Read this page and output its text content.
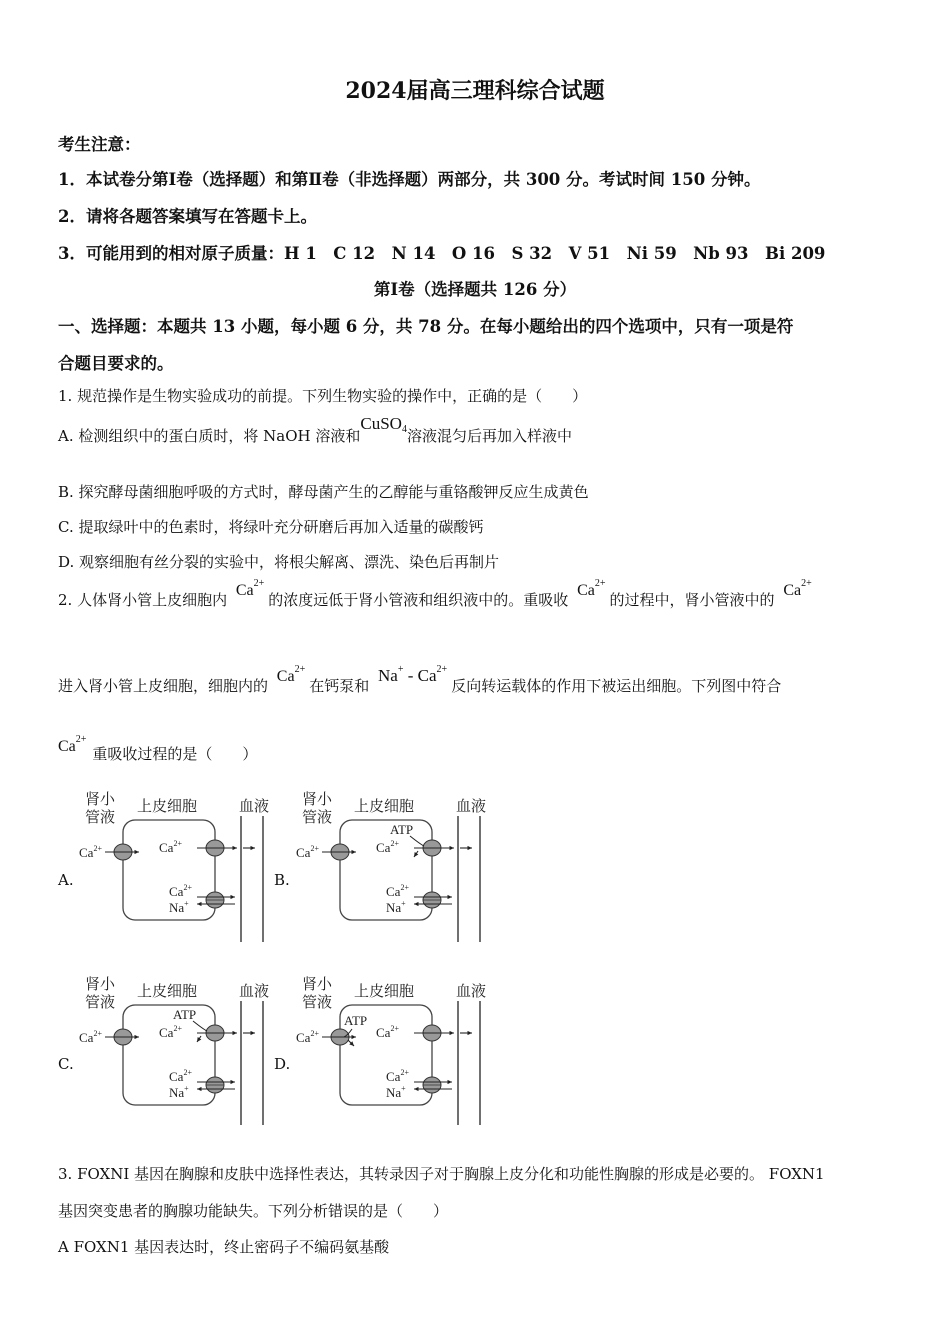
2024届高三理科综合试题
考生注意：
1．本试卷分第Ⅰ卷（选择题）和第Ⅱ卷（非选择题）两部分，共 300 分。考试时间 150 分钟。
2．请将各题答案填写在答题卡上。
3．可能用到的相对原子质量：H 1　C 12　N 14　O 16　S 32　V 51　Ni 59　Nb 93　Bi 209
第Ⅰ卷（选择题共 126 分）
一、选择题：本题共 13 小题，每小题 6 分，共 78 分。在每小题给出的四个选项中，只有一项是符
合题目要求的。
1. 规范操作是生物实验成功的前提。下列生物实验的操作中，正确的是（　　）
A. 检测组织中的蛋白质时，将 NaOH 溶液和CuSO$_4$溶液混匀后再加入样液中
B. 探究酵母菌细胞呼吸的方式时，酵母菌产生的乙醇能与重铬酸钾反应生成黄色
C. 提取绿叶中的色素时，将绿叶充分研磨后再加入适量的碳酸钙
D. 观察细胞有丝分裂的实验中，将根尖解离、漂洗、染色后再制片
2. 人体肾小管上皮细胞内 $Ca^{2+}$的浓度远低于肾小管液和组织液中的。重吸收 $Ca^{2+}$的过程中，肾小管液中的 $Ca^{2+}$
进入肾小管上皮细胞，细胞内的 $Ca^{2+}$在钙泵和 $Na^+ - Ca^{2+}$反向转运载体的作用下被运出细胞。下列图中符合
$Ca^{2+}$重吸收过程的是（　　）
A.	B.
C.	D.
肾小
管液
上皮细胞	血液
$Ca^{2+}$	$Ca^{2+}$
$Ca^{2+}$
Na+
肾小
管液
上皮细胞	血液
$Ca^{2+}$	$Ca^{2+}$
$Ca^{2+}$
Na+
ATP
肾小
管液
上皮细胞	血液
$Ca^{2+}$	$Ca^{2+}$
$Ca^{2+}$
Na+
ATP
肾小
管液
上皮细胞	血液
$Ca^{2+}$	$Ca^{2+}$
$Ca^{2+}$
Na+
ATP
3. FOXNI 基因在胸腺和皮肤中选择性表达，其转录因子对于胸腺上皮分化和功能性胸腺的形成是必要的。 FOXN1
基因突变患者的胸腺功能缺失。下列分析错误的是（　　）
A FOXN1 基因表达时，终止密码子不编码氨基酸
